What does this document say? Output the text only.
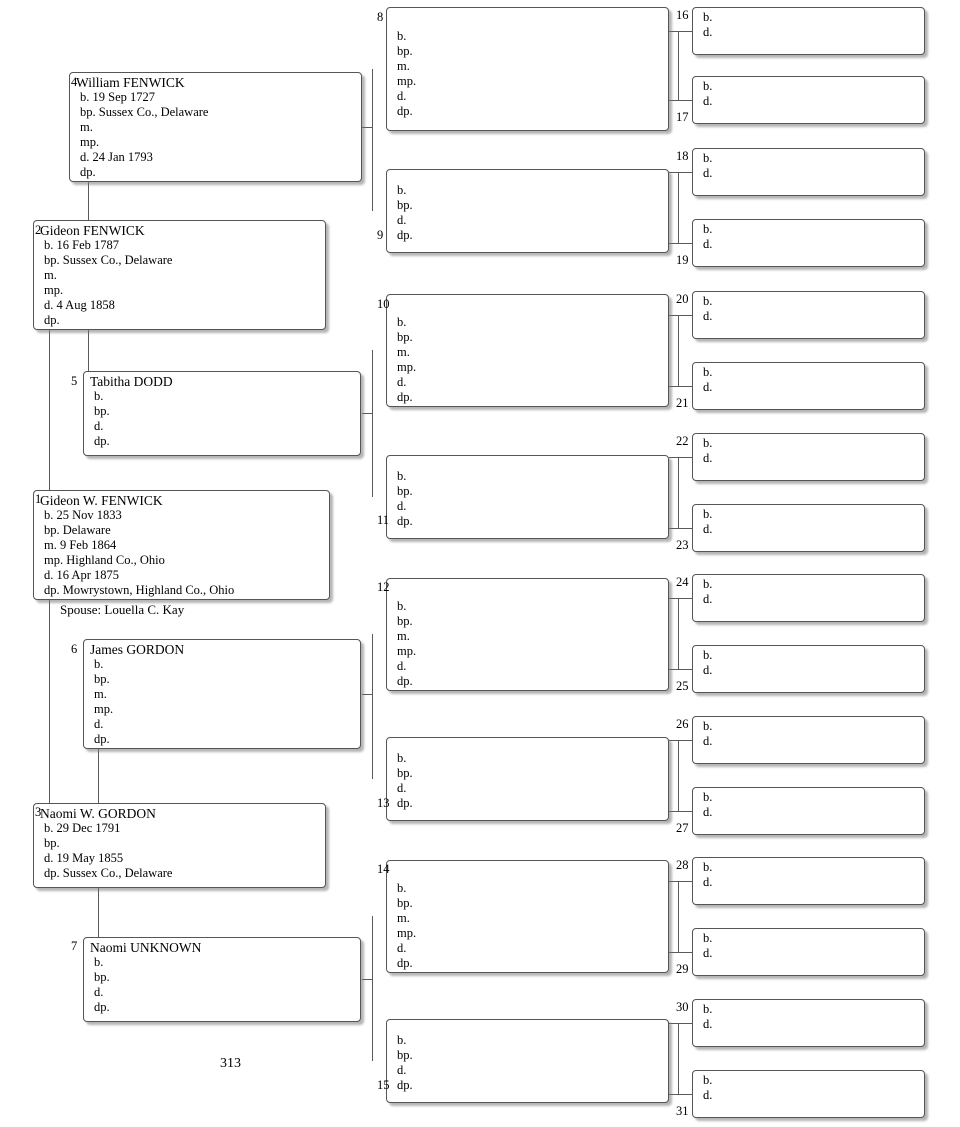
Gideon W. FENWICK
b. 25 Nov 1833
bp. Delaware
m. 9 Feb 1864
mp. Highland Co., Ohio
d. 16 Apr 1875
dp. Mowrystown, Highland Co., Ohio
1
Gideon FENWICK
b. 16 Feb 1787
bp. Sussex Co., Delaware
m.
mp.
d. 4 Aug 1858
dp.
2
Naomi W. GORDON
b. 29 Dec 1791
bp.
d. 19 May 1855
dp. Sussex Co., Delaware
3
William FENWICK
b. 19 Sep 1727
bp. Sussex Co., Delaware
m.
mp.
d. 24 Jan 1793
dp.
4
Tabitha DODD
b.
bp.
d.
dp.
5
James GORDON
b.
bp.
m.
mp.
d.
dp.
6
Naomi UNKNOWN
b.
bp.
d.
dp.
7
b.
bp.
m.
mp.
d.
dp.
8
b.
bp.
d.
dp.
9
b.
bp.
m.
mp.
d.
dp.
10
b.
bp.
d.
dp.
11
b.
bp.
m.
mp.
d.
dp.
12
b.
bp.
d.
dp.
13
b.
bp.
m.
mp.
d.
dp.
14
b.
bp.
d.
dp.
15
b.
d.
16
b.
d.
17
b.
d.
18
b.
d.
19
b.
d.
20
b.
d.
21
b.
d.
22
b.
d.
23
b.
d.
24
b.
d.
25
b.
d.
26
b.
d.
27
b.
d.
28
b.
d.
29
b.
d.
30
b.
d.
31
Spouse: Louella C. Kay
313
